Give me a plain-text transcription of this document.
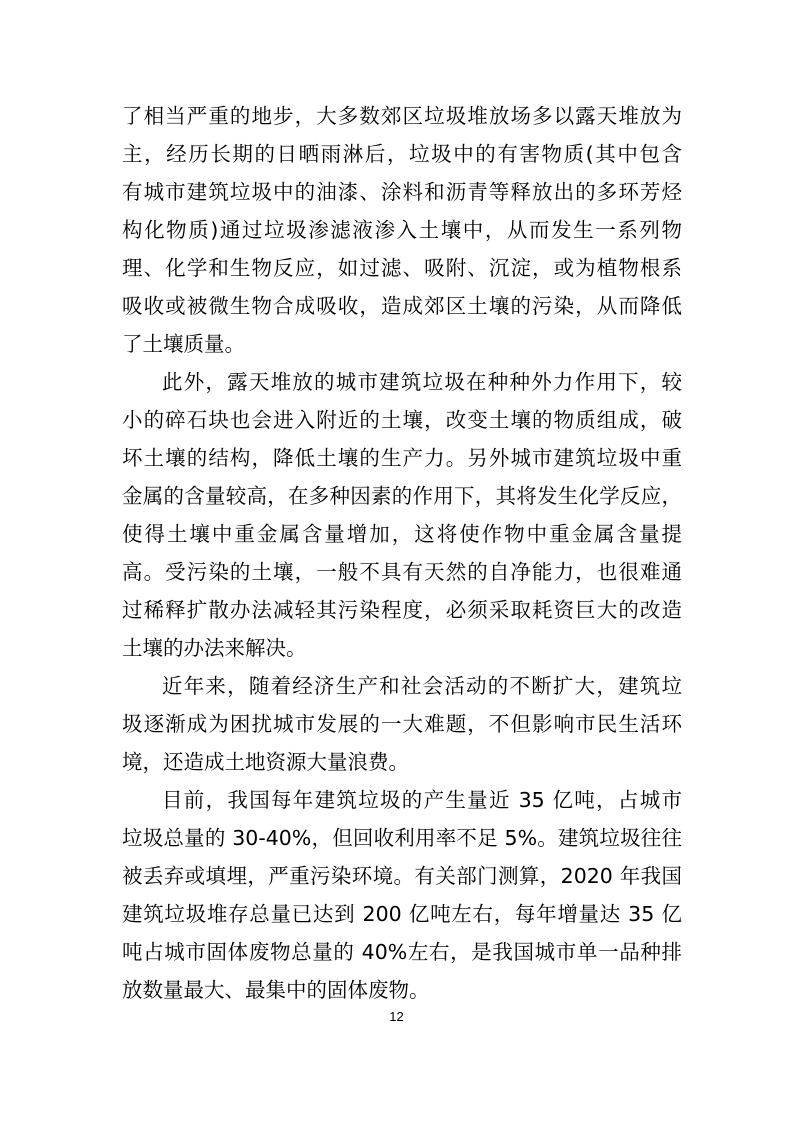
了相当严重的地步，大多数郊区垃圾堆放场多以露天堆放为
主，经历长期的日晒雨淋后，垃圾中的有害物质(其中包含
有城市建筑垃圾中的油漆、涂料和沥青等释放出的多环芳烃
构化物质)通过垃圾渗滤液渗入土壤中，从而发生一系列物
理、化学和生物反应，如过滤、吸附、沉淀，或为植物根系
吸收或被微生物合成吸收，造成郊区土壤的污染，从而降低
了土壤质量。
此外，露天堆放的城市建筑垃圾在种种外力作用下，较
小的碎石块也会进入附近的土壤，改变土壤的物质组成，破
坏土壤的结构，降低土壤的生产力。另外城市建筑垃圾中重
金属的含量较高，在多种因素的作用下，其将发生化学反应，
使得土壤中重金属含量增加，这将使作物中重金属含量提
高。受污染的土壤，一般不具有天然的自净能力，也很难通
过稀释扩散办法减轻其污染程度，必须采取耗资巨大的改造
土壤的办法来解决。
近年来，随着经济生产和社会活动的不断扩大，建筑垃
圾逐渐成为困扰城市发展的一大难题，不但影响市民生活环
境，还造成土地资源大量浪费。
目前，我国每年建筑垃圾的产生量近 35 亿吨，占城市
垃圾总量的 30-40%，但回收利用率不足 5%。建筑垃圾往往
被丢弃或填埋，严重污染环境。有关部门测算，2020 年我国
建筑垃圾堆存总量已达到 200 亿吨左右，每年增量达 35 亿
吨占城市固体废物总量的 40%左右，是我国城市单一品种排
放数量最大、最集中的固体废物。
12
